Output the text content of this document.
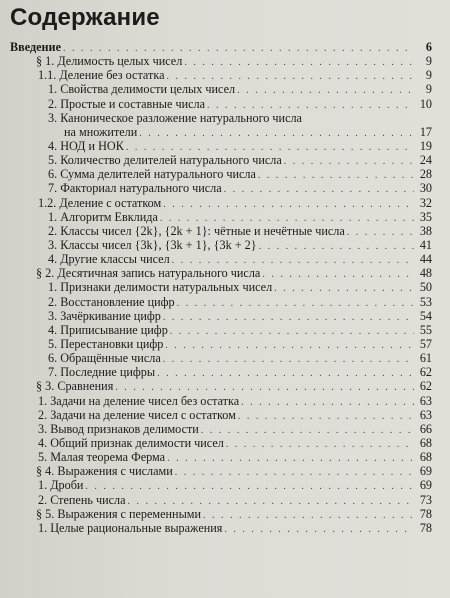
Содержание
Введение . . .	6
§ 1. Делимость целых чисел . . .	9
1.1. Деление без остатка . . .	9
1. Свойства делимости целых чисел . . .	9
2. Простые и составные числа . . .	10
3. Каноническое разложение натурального числа
на множители . . .	17
4. НОД и НОК . . .	19
5. Количество делителей натурального числа . . .	24
6. Сумма делителей натурального числа . . .	28
7. Факториал натурального числа . . .	30
1.2. Деление с остатком . . .	32
1. Алгоритм Евклида . . .	35
2. Классы чисел {2k}, {2k + 1}: чётные и нечётные числа . . .	38
3. Классы чисел {3k}, {3k + 1}, {3k + 2} . . .	41
4. Другие классы чисел . . .	44
§ 2. Десятичная запись натурального числа . . .	48
1. Признаки делимости натуральных чисел . . .	50
2. Восстановление цифр . . .	53
3. Зачёркивание цифр . . .	54
4. Приписывание цифр . . .	55
5. Перестановки цифр . . .	57
6. Обращённые числа . . .	61
7. Последние цифры . . .	62
§ 3. Сравнения . . .	62
1. Задачи на деление чисел без остатка . . .	63
2. Задачи на деление чисел с остатком . . .	63
3. Вывод признаков делимости . . .	66
4. Общий признак делимости чисел . . .	68
5. Малая теорема Ферма . . .	68
§ 4. Выражения с числами . . .	69
1. Дроби . . .	69
2. Степень числа . . .	73
§ 5. Выражения с переменными . . .	78
1. Целые рациональные выражения . . .	78
